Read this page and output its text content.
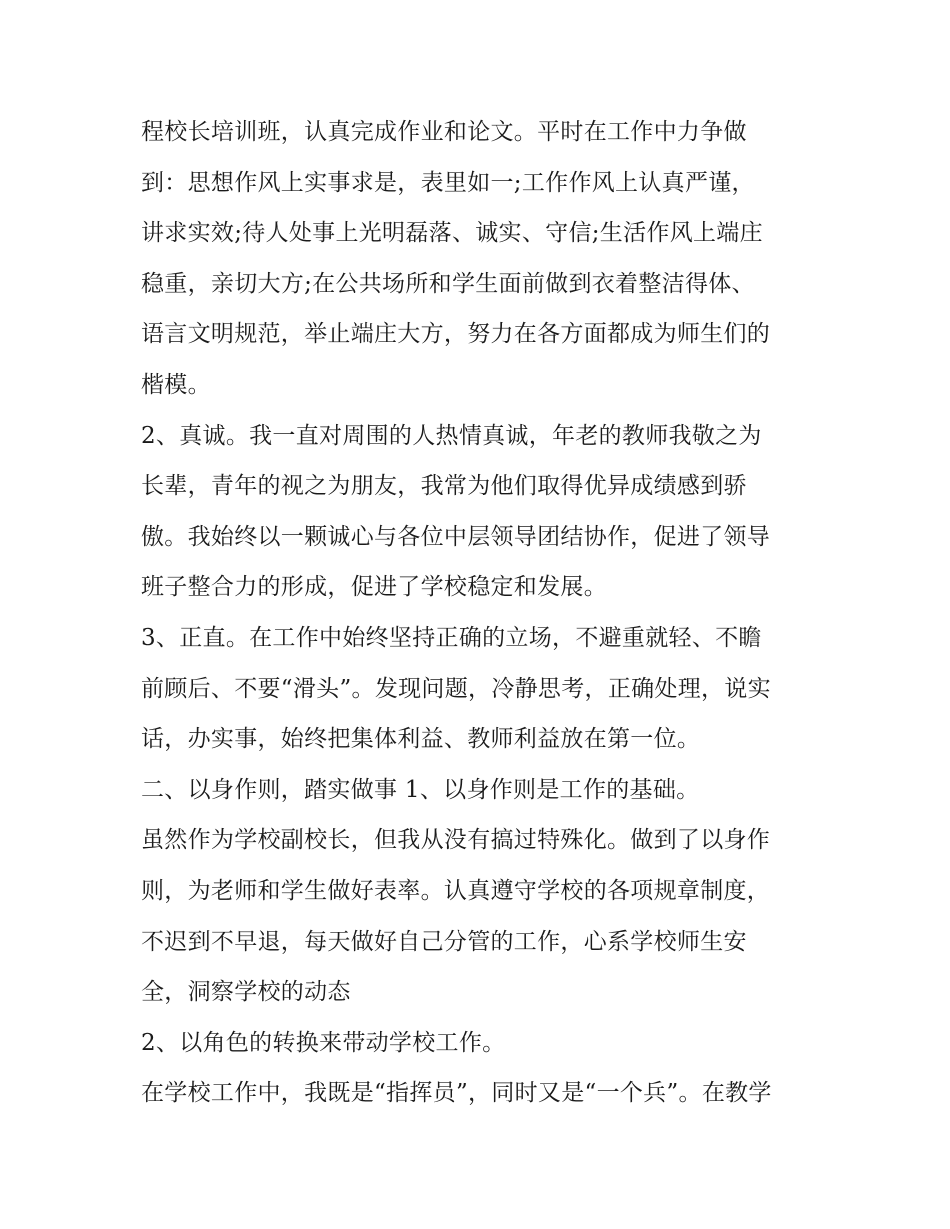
程校长培训班，认真完成作业和论文。平时在工作中力争做
到：思想作风上实事求是，表里如一;工作作风上认真严谨，
讲求实效;待人处事上光明磊落、诚实、守信;生活作风上端庄
稳重，亲切大方;在公共场所和学生面前做到衣着整洁得体、
语言文明规范，举止端庄大方，努力在各方面都成为师生们的
楷模。
2、真诚。我一直对周围的人热情真诚，年老的教师我敬之为
长辈，青年的视之为朋友，我常为他们取得优异成绩感到骄
傲。我始终以一颗诚心与各位中层领导团结协作，促进了领导
班子整合力的形成，促进了学校稳定和发展。
3、正直。在工作中始终坚持正确的立场，不避重就轻、不瞻
前顾后、不要“滑头”。发现问题，冷静思考，正确处理，说实
话，办实事，始终把集体利益、教师利益放在第一位。
二、以身作则，踏实做事 1、以身作则是工作的基础。
虽然作为学校副校长，但我从没有搞过特殊化。做到了以身作
则，为老师和学生做好表率。认真遵守学校的各项规章制度，
不迟到不早退，每天做好自己分管的工作，心系学校师生安
全，洞察学校的动态
2、以角色的转换来带动学校工作。
在学校工作中，我既是“指挥员”，同时又是“一个兵”。在教学
